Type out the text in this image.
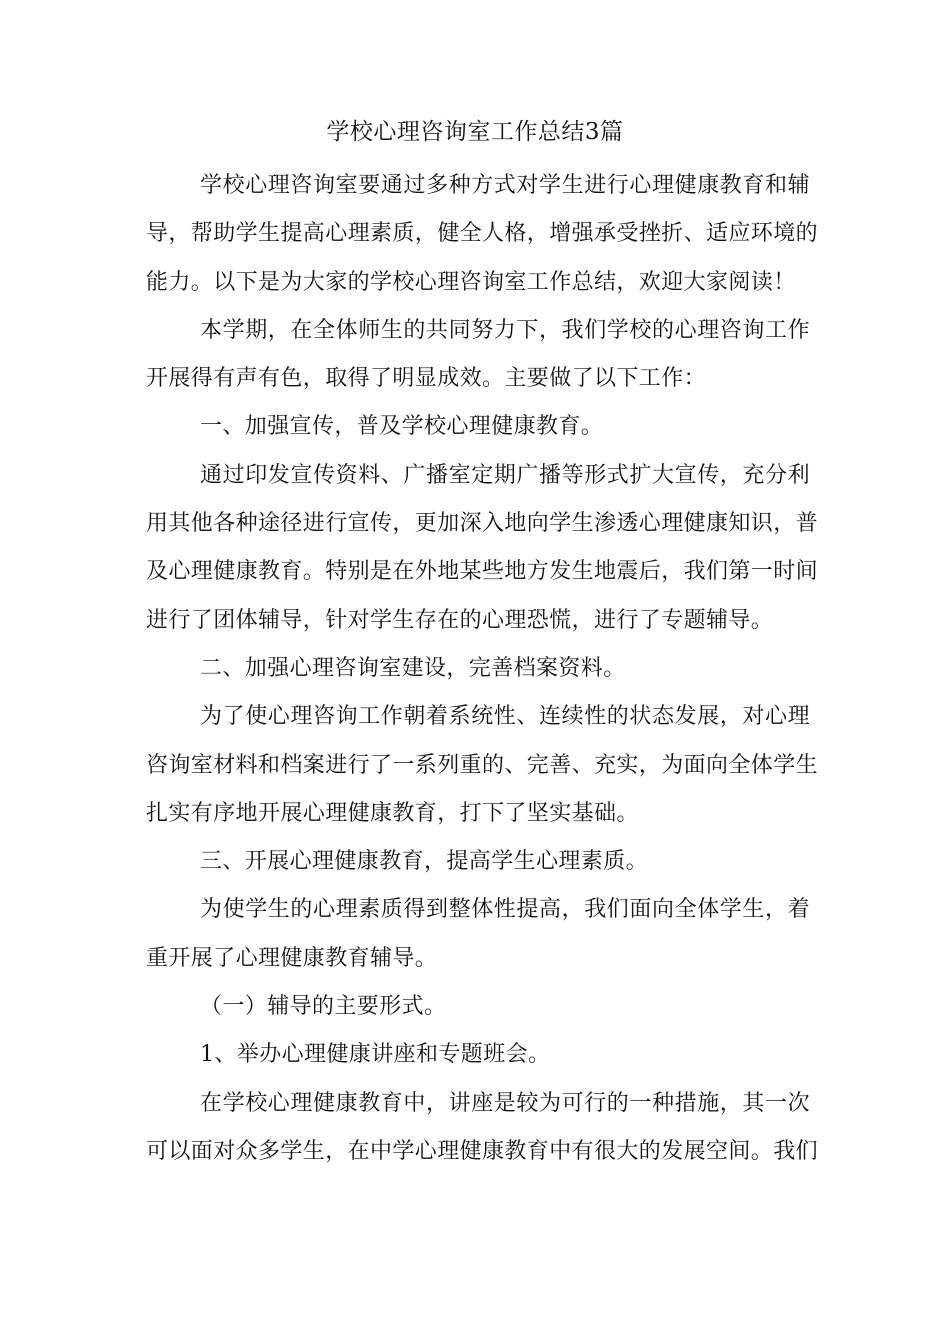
学校心理咨询室工作总结3篇
学校心理咨询室要通过多种方式对学生进行心理健康教育和辅
导，帮助学生提高心理素质，健全人格，增强承受挫折、适应环境的
能力。以下是为大家的学校心理咨询室工作总结，欢迎大家阅读！
本学期，在全体师生的共同努力下，我们学校的心理咨询工作
开展得有声有色，取得了明显成效。主要做了以下工作：
一、加强宣传，普及学校心理健康教育。
通过印发宣传资料、广播室定期广播等形式扩大宣传，充分利
用其他各种途径进行宣传，更加深入地向学生渗透心理健康知识，普
及心理健康教育。特别是在外地某些地方发生地震后，我们第一时间
进行了团体辅导，针对学生存在的心理恐慌，进行了专题辅导。
二、加强心理咨询室建设，完善档案资料。
为了使心理咨询工作朝着系统性、连续性的状态发展，对心理
咨询室材料和档案进行了一系列重的、完善、充实，为面向全体学生
扎实有序地开展心理健康教育，打下了坚实基础。
三、开展心理健康教育，提高学生心理素质。
为使学生的心理素质得到整体性提高，我们面向全体学生，着
重开展了心理健康教育辅导。
（一）辅导的主要形式。
1、举办心理健康讲座和专题班会。
在学校心理健康教育中，讲座是较为可行的一种措施，其一次
可以面对众多学生，在中学心理健康教育中有很大的发展空间。我们
